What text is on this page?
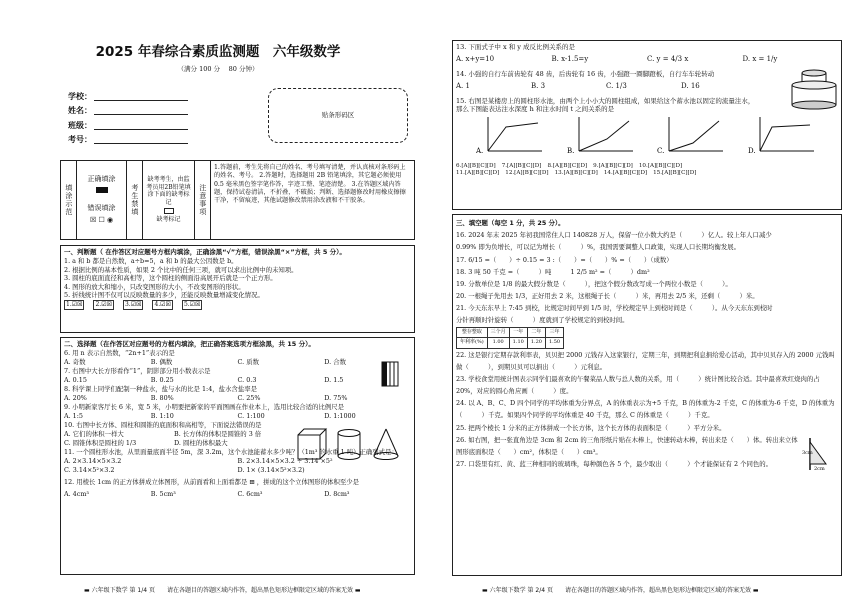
2025 年春综合素质监测题　六年级数学
（满分 100 分　 80 分钟）
学校：
姓名：
班级：
考号：
贴条形码区
填涂示范
正确填涂
错误填涂
☒ ☐ ◉
考生禁填
缺考考生，由监考员用2B铅笔填涂下面的缺考标记
缺考标记
注意事项
1.答题前，考生先将自己的姓名、考号填写清楚，并认真核对条形码上的姓名、考号。 2.答题时，选择题用 2B 铅笔填涂，其它题必须使用 0.5 毫米黑色签字笔作答，字迹工整、笔迹清楚。 3.在答题区域内答题，保持试卷清洁，不折叠，不破损；判断、选择题修改时用橡皮擦擦干净，不留痕迹，其他试题修改禁用涂改液和不干胶条。
一、判断题（ 在作答区对应题号方框内填涂，正确涂黑“√”方框，错误涂黑“×”方框，共 5 分）。
1. a 和 b 都是自然数，a÷b=5，a 和 b 的最大公因数是 b。
2. 根据比例的基本性质，如果 2 个比中的任何三项，就可以求出比例中的未知项。
3. 圆柱的底面直径和高相等，这个圆柱的侧面沿高展开后就是一个正方形。
4. 图形的放大和缩小，只改变图形的大小，不改变图形的形状。
5. 折线统计图不仅可以反映数量的多少，还能反映数量增减变化情况。
1.☑☒	2.☑☒	3.☑☒	4.☑☒	5.☑☒
二、选择题（在作答区对应题号的方框内填涂，把正确答案选项方框涂黑，共 15 分）。
6. 用 n 表示自然数，“2n+1”表示的是
A. 奇数	B. 偶数	C. 质数	D. 合数
7. 右图中大长方形看作“1”，阴影部分用小数表示是
A. 0.15	B. 0.25	C. 0.3	D. 1.5
8. 科学课上同学们配制一种盐水，盐与水的比是 1:4，盐水含盐率是
A. 20%	B. 80%	C. 25%	D. 75%
9. 小明新家客厅长 6 米，宽 5 米，小明要把新家的平面图画在作业本上，选用比较合适的比例尺是
A. 1:5	B. 1:10	C. 1:100	D. 1:1000
10. 右图中长方体、圆柱和圆锥的底面积和高相等，下面说法错误的是
A. 它们的体积一样大	B. 长方体的体积是圆锥的 3 倍
C. 圆锥体积是圆柱的 1/3	D. 圆柱的体积最大
11. 一个圆柱形水池，从里面量底面半径 5m，深 3.2m，这个水池能蓄水多少吨？（1m³ 的水重 1 吨）正确列式是：
A. 2×3.14×5×3.2	B. 2×3.14×5×3.2 ÷ 3.14 ×5²
C. 3.14×5²×3.2	D. 1× (3.14×5²×3.2)
12. 用棱长 1cm 的正方体拼成立体图形，从前面看和上面看都是 ⊞ ，拼成的这个立体图形的体积至少是
A. 4cm³	B. 5cm³	C. 6cm³	D. 8cm³
▬ 六年级下数学 第 1/4 页　　请在各题目的答题区域内作答，超出黑色矩形边框限定区域的答案无效 ▬
13. 下面式子中 x 和 y 成反比例关系的是
A. x+y=10	B. x-1.5=y	C. y = 4/3 x	D. x = 1/y
14. 小强的自行车前齿轮有 48 齿，后齿轮有 16 齿，小强蹬一圈脚蹬板，自行车车轮转动
A. 1	B. 3	C. 1/3	D. 16
15. 右图是某楼房上的圆柱形水池，由两个上小小大的圆柱组成，如果给这个蓄水池以固定的流量注水，那么下图能表达注水深度 h 和注水时间 t 之间关系的是
A.	B.	C.	D.
6.[A][B][C][D] 7.[A][B][C][D] 8.[A][B][C][D] 9.[A][B][C][D] 10.[A][B][C][D]
11.[A][B][C][D] 12.[A][B][C][D] 13.[A][B][C][D] 14.[A][B][C][D] 15.[A][B][C][D]
三、填空题（每空 1 分，共 25 分）。
16. 2024 年末 2025 年初我国常住人口 140828 万人，保留一位小数大约是（　　　）亿人。较上年人口减少
0.99% 即为负增长，可以记为增长（　　　）%，我国需要调整人口政策，实现人口长期均衡发展。
17. 6/15 =（　　）÷ 0.15 = 3 :（　　）=（　　）% =（　　）（成数）
18. 3 吨 50 千克 =（　　　）吨　　　1 2/5 m² =（　　　）dm²
19. 分数单位是 1/8 的最大假分数是（　　　），把这个假分数改写成一个两位小数是（　　　）。
20. 一根绳子先用去 1/3，正好用去 2 米，这根绳子长（　　　）米，再用去 2/5 米，还剩（　　　）米。
21. 今天东东早上 7:45 到校，比规定时间早到 1/5 时，学校规定早上到校时间是（　　　）。从今天东东到校时
分针再顺时针旋转（　　　）度就到了学校规定的到校时间。
整存整取	三个月	一年	二年	三年
年利率(%)	1.00	1.10	1.20	1.50
22. 这是银行定期存款利率表，贝贝把 2000 元钱存入这家银行，定期三年，到期把利息捐给爱心活动，其中贝贝存入的 2000 元钱叫做（　　　），到期贝贝可以捐出（　　　）元利息。
23. 学校食堂用统计图表示同学们最喜欢的午餐菜品人数与总人数的关系，用（　　　）统计图比较合适。其中最喜欢红烧肉的占 20%，对应的圆心角应画（　　　）度。
24. 以 A、B、C、D 四个同学的平均体重为分界点，A 的体重表示为+5 千克，B 的体重为-2 千克，C 的体重为-6 千克，D 的体重为（　　　）千克。如果四个同学的平均体重是 40 千克，那么 C 的体重是（　　　）千克。
25. 把两个棱长 1 分米的正方体拼成一个长方体，这个长方体的表面积是（　　　）平方分米。
26. 如右图，把一张直角边是 3cm 和 2cm 的三角形纸片贴在木棒上，快速转动木棒，转出来是（　　）体。转出来立体图形底面积是（　　）cm²，体积是（　　）cm³。	3cm
2cm
27. 口袋里有红、黄、蓝三种相同的玻璃珠，每种颜色各 5 个，最少取出（　　　）个才能保证有 2 个同色的。
▬ 六年级下数学 第 2/4 页　　请在各题目的答题区域内作答，超出黑色矩形边框限定区域的答案无效 ▬
